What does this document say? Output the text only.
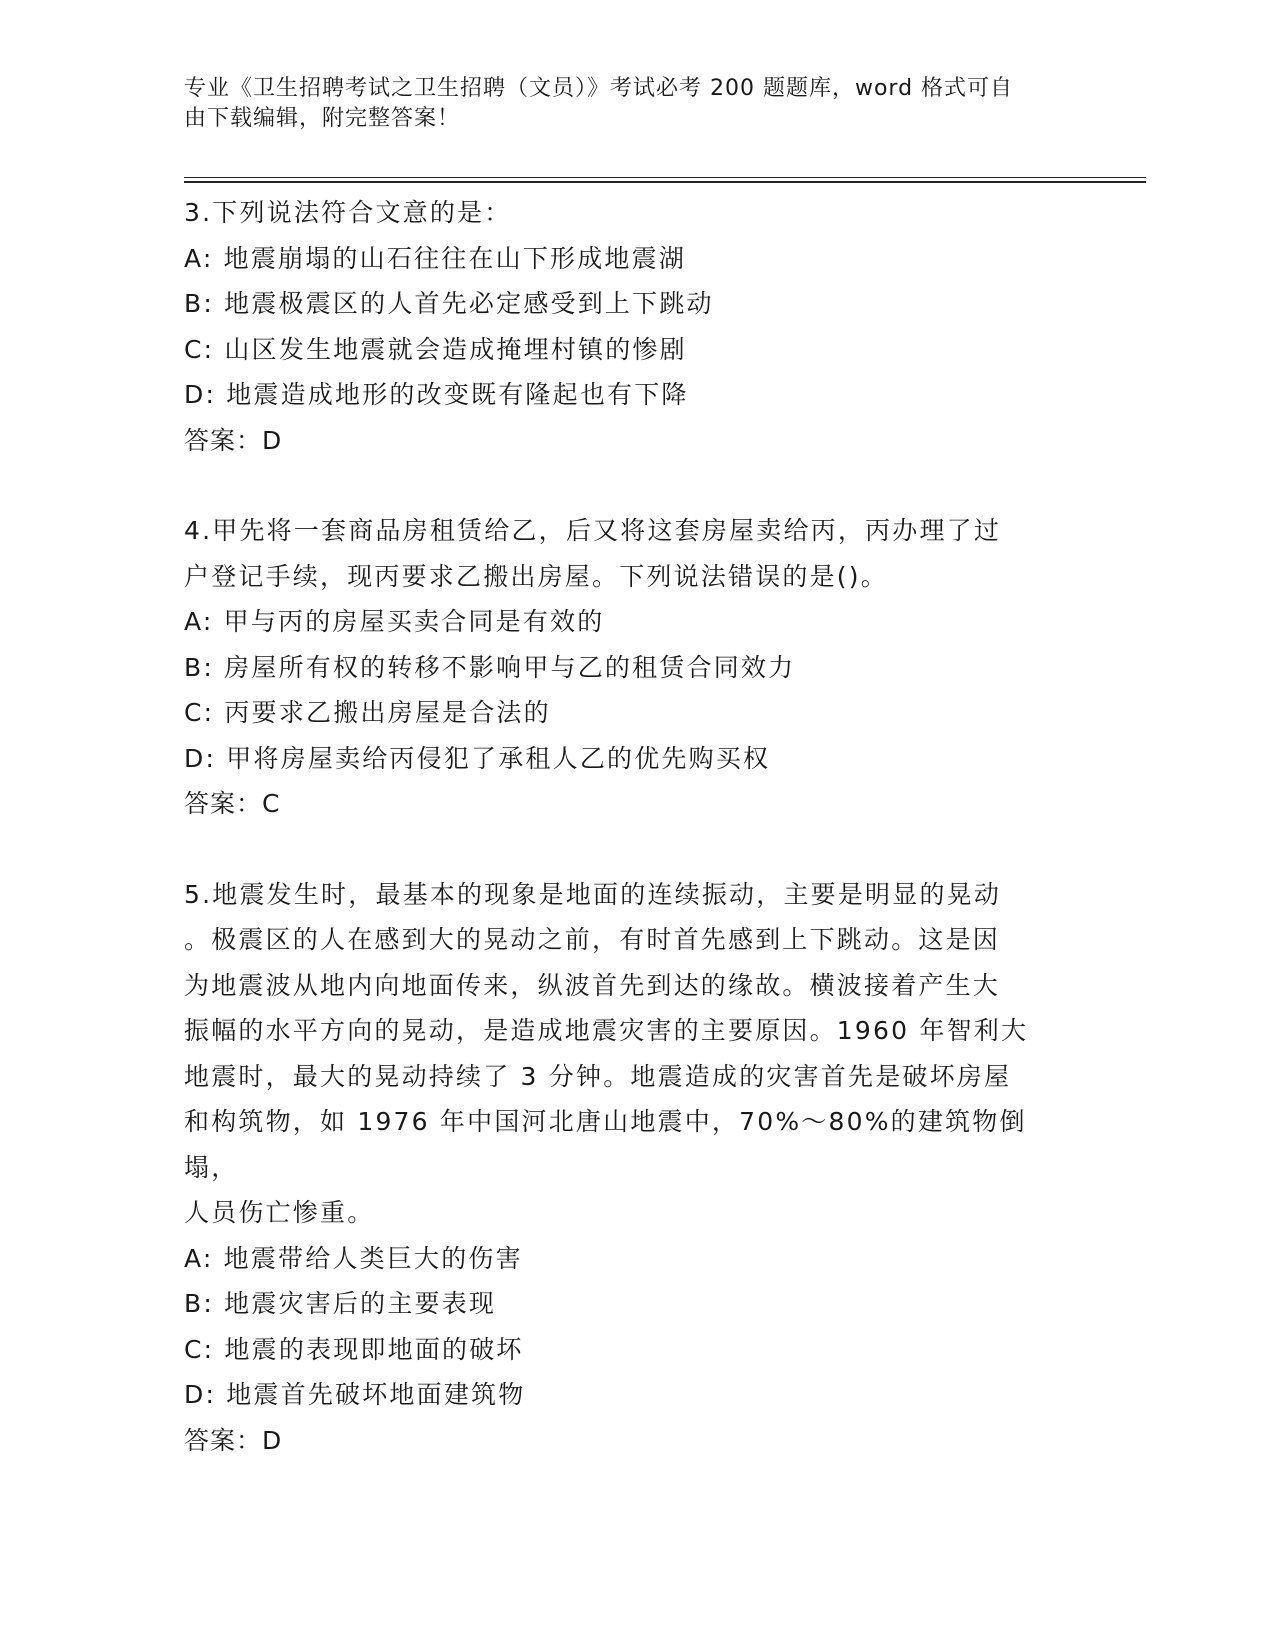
专业《卫生招聘考试之卫生招聘（文员）》考试必考 200 题题库，word 格式可自
由下载编辑，附完整答案！

3.下列说法符合文意的是：

A: 地震崩塌的山石往往在山下形成地震湖

B: 地震极震区的人首先必定感受到上下跳动

C: 山区发生地震就会造成掩埋村镇的惨剧

D: 地震造成地形的改变既有隆起也有下降

答案：D

4.甲先将一套商品房租赁给乙，后又将这套房屋卖给丙，丙办理了过

户登记手续，现丙要求乙搬出房屋。下列说法错误的是()。

A: 甲与丙的房屋买卖合同是有效的

B: 房屋所有权的转移不影响甲与乙的租赁合同效力

C: 丙要求乙搬出房屋是合法的

D: 甲将房屋卖给丙侵犯了承租人乙的优先购买权

答案：C

5.地震发生时，最基本的现象是地面的连续振动，主要是明显的晃动

。极震区的人在感到大的晃动之前，有时首先感到上下跳动。这是因

为地震波从地内向地面传来，纵波首先到达的缘故。横波接着产生大

振幅的水平方向的晃动，是造成地震灾害的主要原因。1960 年智利大

地震时，最大的晃动持续了 3 分钟。地震造成的灾害首先是破坏房屋

和构筑物，如 1976 年中国河北唐山地震中，70%～80%的建筑物倒塌，

人员伤亡惨重。

A: 地震带给人类巨大的伤害

B: 地震灾害后的主要表现

C: 地震的表现即地面的破坏

D: 地震首先破坏地面建筑物

答案：D
